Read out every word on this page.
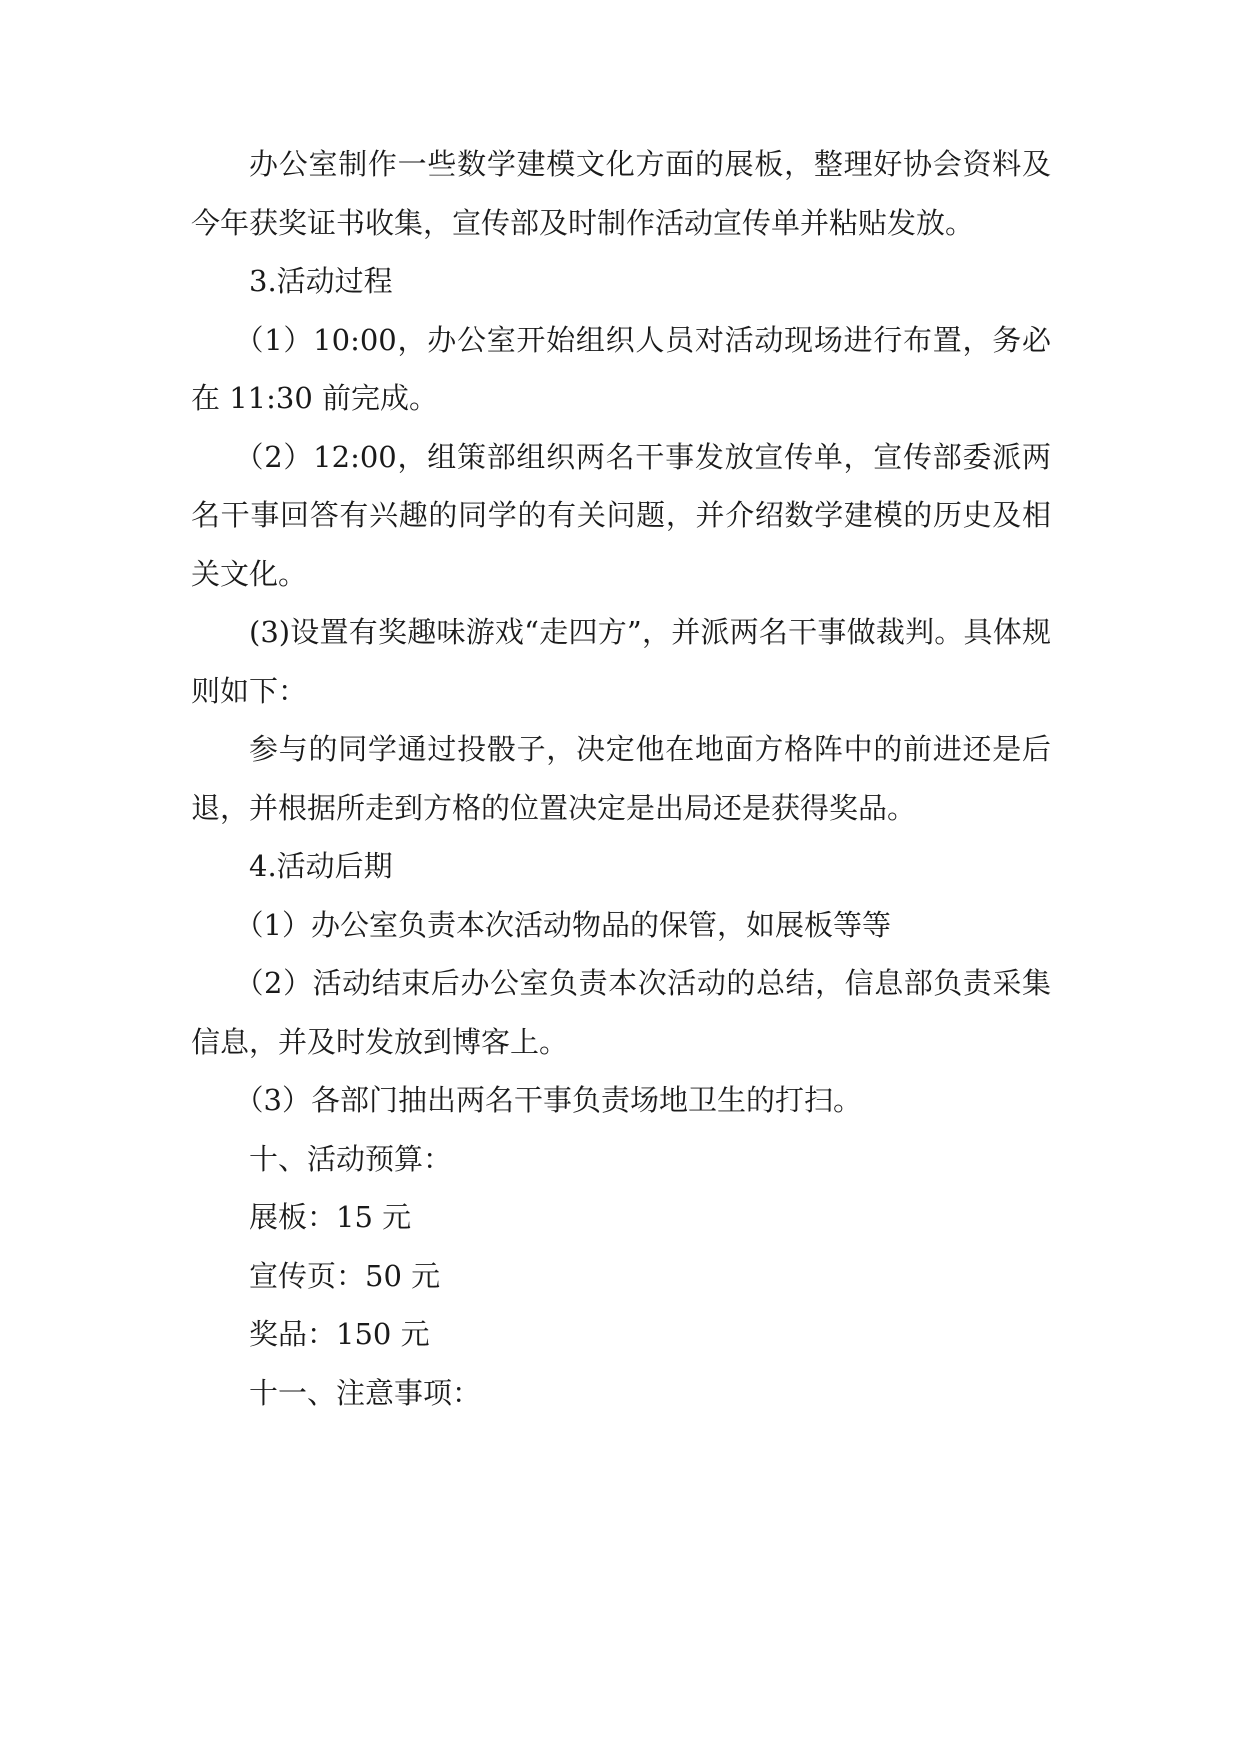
办公室制作一些数学建模文化方面的展板，整理好协会资料及今年获奖证书收集，宣传部及时制作活动宣传单并粘贴发放。

3.活动过程

（1）10:00，办公室开始组织人员对活动现场进行布置，务必在 11:30 前完成。

（2）12:00，组策部组织两名干事发放宣传单，宣传部委派两名干事回答有兴趣的同学的有关问题，并介绍数学建模的历史及相关文化。

(3)设置有奖趣味游戏“走四方”，并派两名干事做裁判。具体规则如下：

参与的同学通过投骰子，决定他在地面方格阵中的前进还是后退，并根据所走到方格的位置决定是出局还是获得奖品。

4.活动后期

（1）办公室负责本次活动物品的保管，如展板等等

（2）活动结束后办公室负责本次活动的总结，信息部负责采集信息，并及时发放到博客上。

（3）各部门抽出两名干事负责场地卫生的打扫。

十、活动预算：

展板：15 元

宣传页：50 元

奖品：150 元

十一、注意事项：
